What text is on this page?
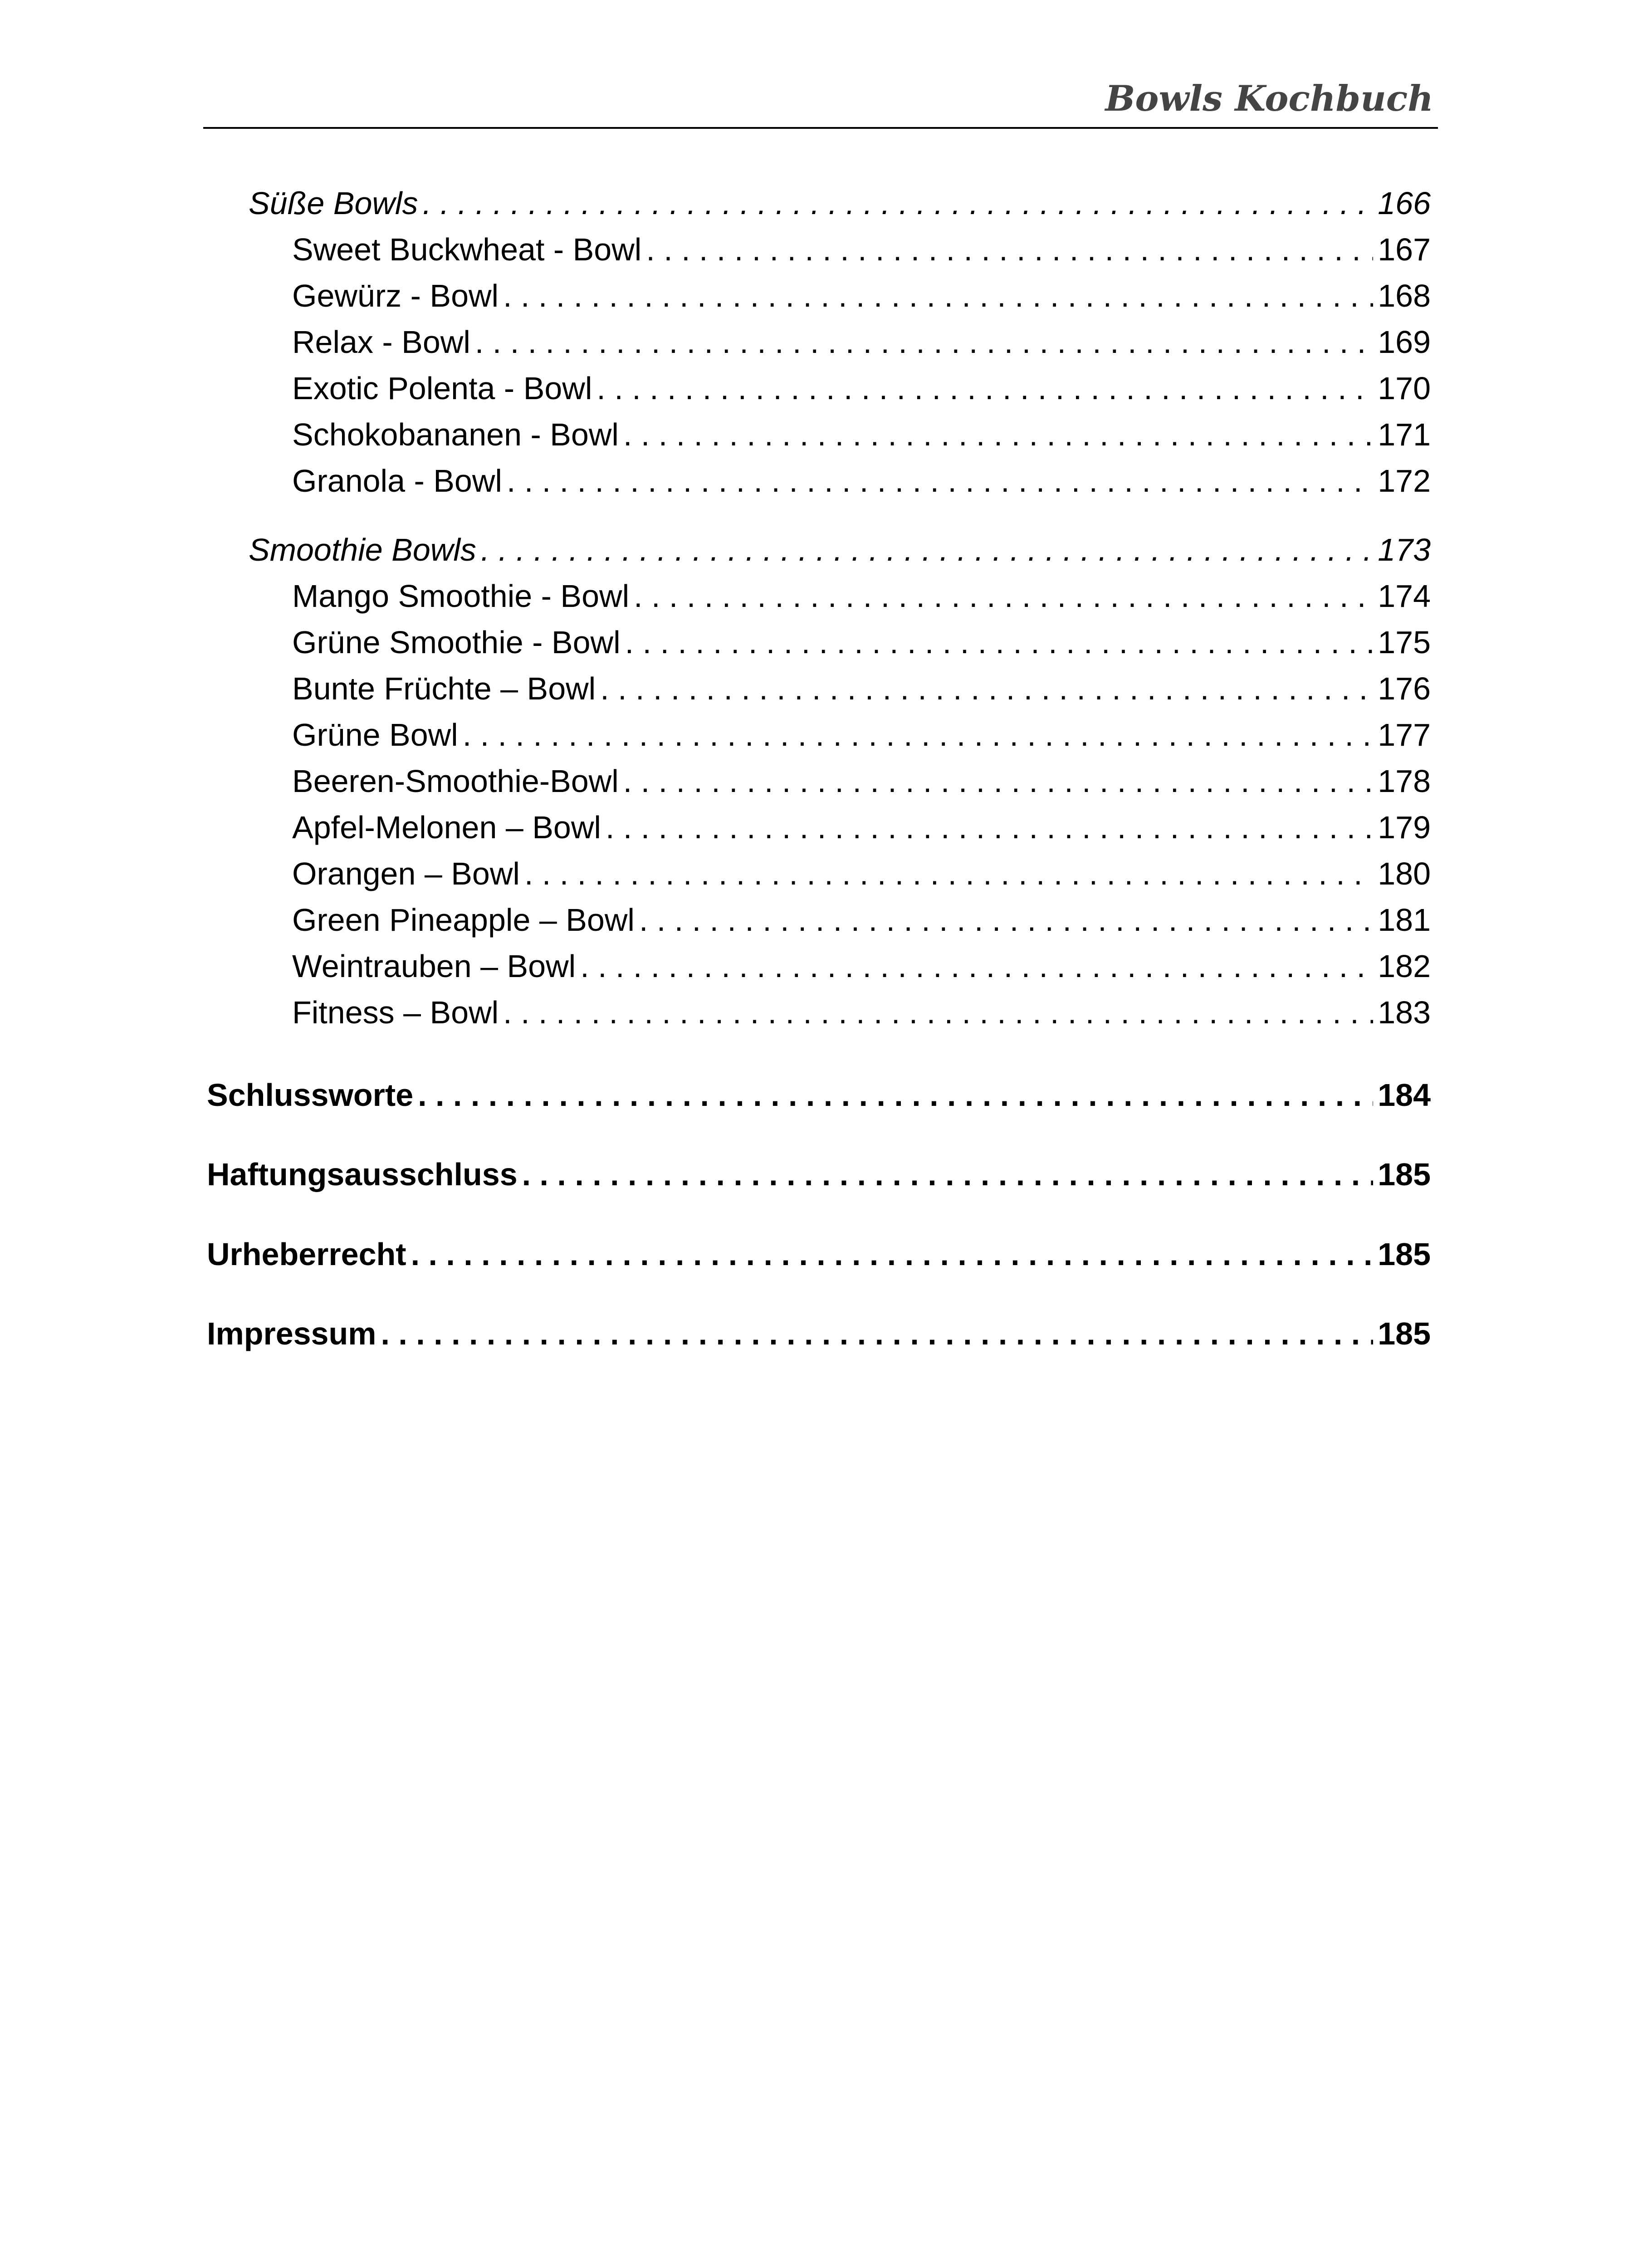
Bowls Kochbuch
Süße Bowls . . .	166
Sweet Buckwheat - Bowl . . .	167
Gewürz - Bowl . . .	168
Relax - Bowl . . .	169
Exotic Polenta - Bowl . . .	170
Schokobananen - Bowl . . .	171
Granola - Bowl . . .	172
Smoothie Bowls . . .	173
Mango Smoothie - Bowl . . .	174
Grüne Smoothie - Bowl . . .	175
Bunte Früchte – Bowl . . .	176
Grüne Bowl . . .	177
Beeren-Smoothie-Bowl . . .	178
Apfel-Melonen – Bowl . . .	179
Orangen – Bowl . . .	180
Green Pineapple – Bowl . . .	181
Weintrauben – Bowl . . .	182
Fitness – Bowl . . .	183
Schlussworte . . .	184
Haftungsausschluss . . .	185
Urheberrecht . . .	185
Impressum . . .	185
